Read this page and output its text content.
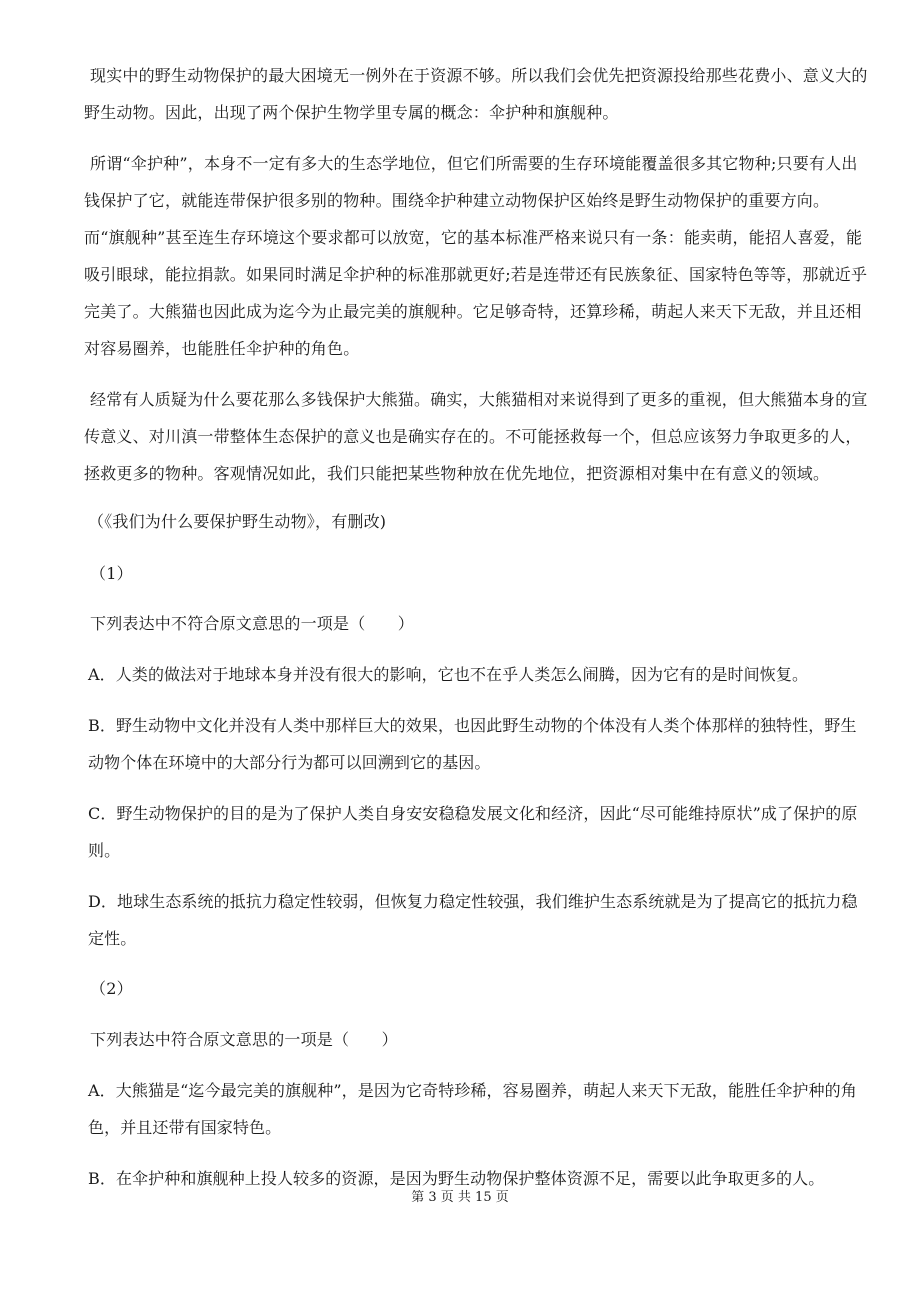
现实中的野生动物保护的最大困境无一例外在于资源不够。所以我们会优先把资源投给那些花费小、意义大的野生动物。因此，出现了两个保护生物学里专属的概念：伞护种和旗舰种。

所谓“伞护种”，本身不一定有多大的生态学地位，但它们所需要的生存环境能覆盖很多其它物种;只要有人出钱保护了它，就能连带保护很多别的物种。围绕伞护种建立动物保护区始终是野生动物保护的重要方向。而“旗舰种”甚至连生存环境这个要求都可以放宽，它的基本标准严格来说只有一条：能卖萌，能招人喜爱，能吸引眼球，能拉捐款。如果同时满足伞护种的标准那就更好;若是连带还有民族象征、国家特色等等，那就近乎完美了。大熊猫也因此成为迄今为止最完美的旗舰种。它足够奇特，还算珍稀，萌起人来天下无敌，并且还相对容易圈养，也能胜任伞护种的角色。

经常有人质疑为什么要花那么多钱保护大熊猫。确实，大熊猫相对来说得到了更多的重视，但大熊猫本身的宣传意义、对川滇一带整体生态保护的意义也是确实存在的。不可能拯救每一个，但总应该努力争取更多的人，拯救更多的物种。客观情况如此，我们只能把某些物种放在优先地位，把资源相对集中在有意义的领域。

（《我们为什么要保护野生动物》，有删改)

（1）

下列表达中不符合原文意思的一项是（　　）

A．人类的做法对于地球本身并没有很大的影响，它也不在乎人类怎么闹腾，因为它有的是时间恢复。

B．野生动物中文化并没有人类中那样巨大的效果，也因此野生动物的个体没有人类个体那样的独特性，野生动物个体在环境中的大部分行为都可以回溯到它的基因。

C．野生动物保护的目的是为了保护人类自身安安稳稳发展文化和经济，因此“尽可能维持原状”成了保护的原则。

D．地球生态系统的抵抗力稳定性较弱，但恢复力稳定性较强，我们维护生态系统就是为了提高它的抵抗力稳定性。

（2）

下列表达中符合原文意思的一项是（　　）

A．大熊猫是“迄今最完美的旗舰种”，是因为它奇特珍稀，容易圈养，萌起人来天下无敌，能胜任伞护种的角色，并且还带有国家特色。

B．在伞护种和旗舰种上投人较多的资源，是因为野生动物保护整体资源不足，需要以此争取更多的人。

第 3 页 共 15 页
